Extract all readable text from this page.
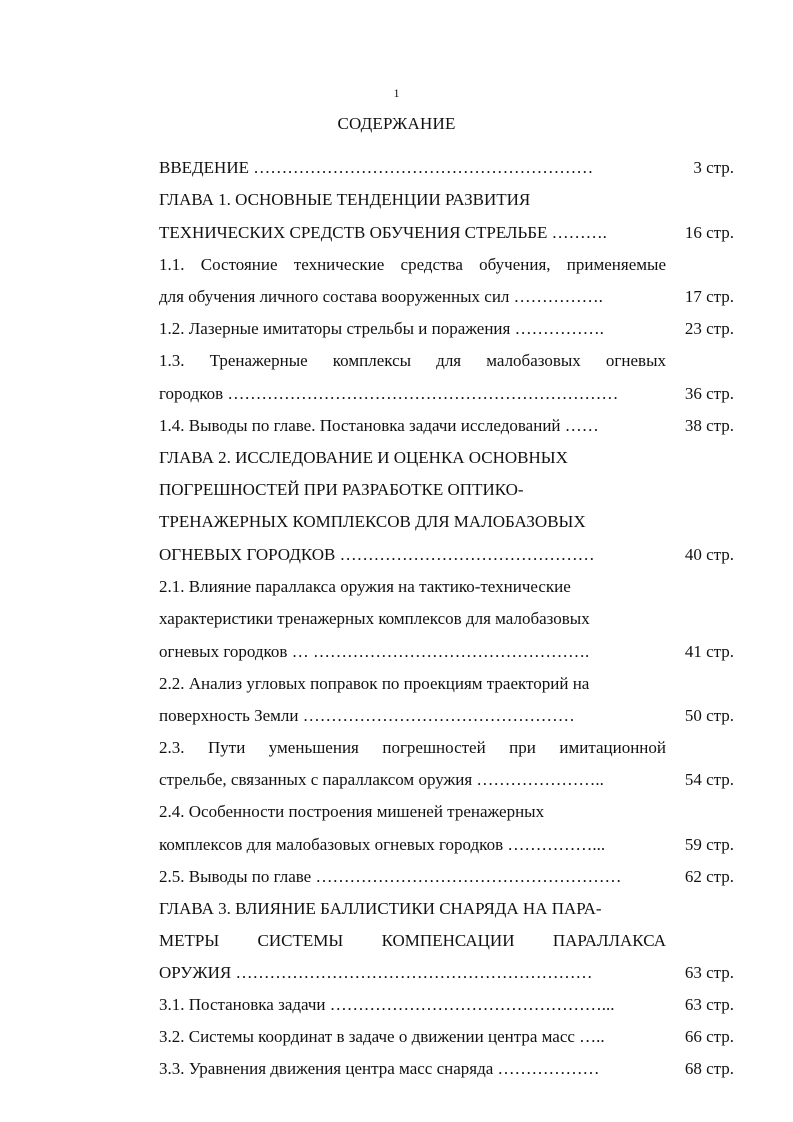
1
СОДЕРЖАНИЕ
ВВЕДЕНИЕ ……………………………………………………	3 стр.
ГЛАВА 1. ОСНОВНЫЕ ТЕНДЕНЦИИ РАЗВИТИЯ
ТЕХНИЧЕСКИХ СРЕДСТВ ОБУЧЕНИЯ СТРЕЛЬБЕ ……….	16 стр.
1.1. Состояние технические средства обучения, применяемые
для обучения личного состава вооруженных сил …………….	17 стр.
1.2. Лазерные имитаторы стрельбы и поражения …………….	23 стр.
1.3. Тренажерные комплексы для малобазовых огневых
городков ……………………………………………………………	36 стр.
1.4. Выводы по главе. Постановка задачи исследований ……	38 стр.
ГЛАВА 2. ИССЛЕДОВАНИЕ И ОЦЕНКА ОСНОВНЫХ
ПОГРЕШНОСТЕЙ ПРИ РАЗРАБОТКЕ ОПТИКО-
ТРЕНАЖЕРНЫХ КОМПЛЕКСОВ ДЛЯ МАЛОБАЗОВЫХ
ОГНЕВЫХ ГОРОДКОВ ………………………………………	40 стр.
2.1. Влияние параллакса оружия на тактико-технические
характеристики тренажерных комплексов для малобазовых
огневых городков … ………………………………………….	41 стр.
2.2. Анализ угловых поправок по проекциям траекторий на
поверхность Земли …………………………………………	50 стр.
2.3. Пути уменьшения погрешностей при имитационной
стрельбе, связанных с параллаксом оружия …………………..	54 стр.
2.4. Особенности построения мишеней тренажерных
комплексов для малобазовых огневых городков ……………...	59 стр.
2.5. Выводы по главе ………………………………………………	62 стр.
ГЛАВА 3. ВЛИЯНИЕ БАЛЛИСТИКИ СНАРЯДА НА ПАРА-
МЕТРЫ СИСТЕМЫ КОМПЕНСАЦИИ ПАРАЛЛАКСА
ОРУЖИЯ ………………………………………………………	63 стр.
3.1. Постановка задачи …………………………………………...	63 стр.
3.2. Системы координат в задаче о движении центра масс …..	66 стр.
3.3. Уравнения движения центра масс снаряда ………………	68 стр.
